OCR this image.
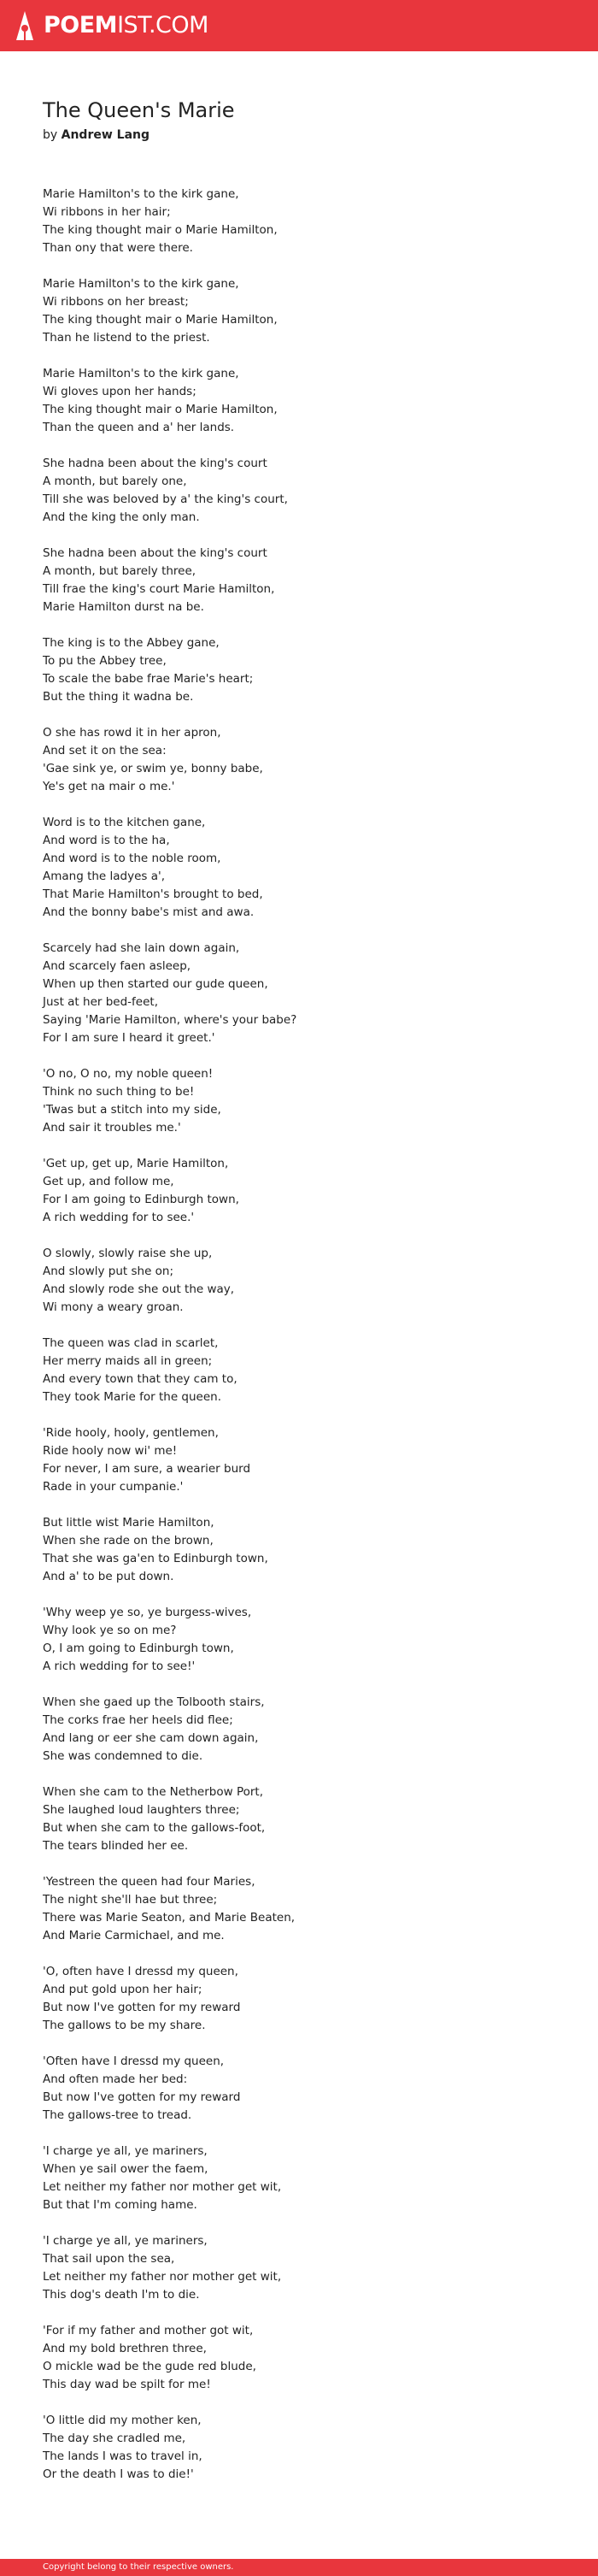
POEMIST.COM
The Queen's Marie
by Andrew Lang
Marie Hamilton's to the kirk gane,
Wi ribbons in her hair;
The king thought mair o Marie Hamilton,
Than ony that were there.
Marie Hamilton's to the kirk gane,
Wi ribbons on her breast;
The king thought mair o Marie Hamilton,
Than he listend to the priest.
Marie Hamilton's to the kirk gane,
Wi gloves upon her hands;
The king thought mair o Marie Hamilton,
Than the queen and a' her lands.
She hadna been about the king's court
A month, but barely one,
Till she was beloved by a' the king's court,
And the king the only man.
She hadna been about the king's court
A month, but barely three,
Till frae the king's court Marie Hamilton,
Marie Hamilton durst na be.
The king is to the Abbey gane,
To pu the Abbey tree,
To scale the babe frae Marie's heart;
But the thing it wadna be.
O she has rowd it in her apron,
And set it on the sea:
'Gae sink ye, or swim ye, bonny babe,
Ye's get na mair o me.'
Word is to the kitchen gane,
And word is to the ha,
And word is to the noble room,
Amang the ladyes a',
That Marie Hamilton's brought to bed,
And the bonny babe's mist and awa.
Scarcely had she lain down again,
And scarcely faen asleep,
When up then started our gude queen,
Just at her bed-feet,
Saying 'Marie Hamilton, where's your babe?
For I am sure I heard it greet.'
'O no, O no, my noble queen!
Think no such thing to be!
'Twas but a stitch into my side,
And sair it troubles me.'
'Get up, get up, Marie Hamilton,
Get up, and follow me,
For I am going to Edinburgh town,
A rich wedding for to see.'
O slowly, slowly raise she up,
And slowly put she on;
And slowly rode she out the way,
Wi mony a weary groan.
The queen was clad in scarlet,
Her merry maids all in green;
And every town that they cam to,
They took Marie for the queen.
'Ride hooly, hooly, gentlemen,
Ride hooly now wi' me!
For never, I am sure, a wearier burd
Rade in your cumpanie.'
But little wist Marie Hamilton,
When she rade on the brown,
That she was ga'en to Edinburgh town,
And a' to be put down.
'Why weep ye so, ye burgess-wives,
Why look ye so on me?
O, I am going to Edinburgh town,
A rich wedding for to see!'
When she gaed up the Tolbooth stairs,
The corks frae her heels did flee;
And lang or eer she cam down again,
She was condemned to die.
When she cam to the Netherbow Port,
She laughed loud laughters three;
But when she cam to the gallows-foot,
The tears blinded her ee.
'Yestreen the queen had four Maries,
The night she'll hae but three;
There was Marie Seaton, and Marie Beaten,
And Marie Carmichael, and me.
'O, often have I dressd my queen,
And put gold upon her hair;
But now I've gotten for my reward
The gallows to be my share.
'Often have I dressd my queen,
And often made her bed:
But now I've gotten for my reward
The gallows-tree to tread.
'I charge ye all, ye mariners,
When ye sail ower the faem,
Let neither my father nor mother get wit,
But that I'm coming hame.
'I charge ye all, ye mariners,
That sail upon the sea,
Let neither my father nor mother get wit,
This dog's death I'm to die.
'For if my father and mother got wit,
And my bold brethren three,
O mickle wad be the gude red blude,
This day wad be spilt for me!
'O little did my mother ken,
The day she cradled me,
The lands I was to travel in,
Or the death I was to die!'
Copyright belong to their respective owners.
